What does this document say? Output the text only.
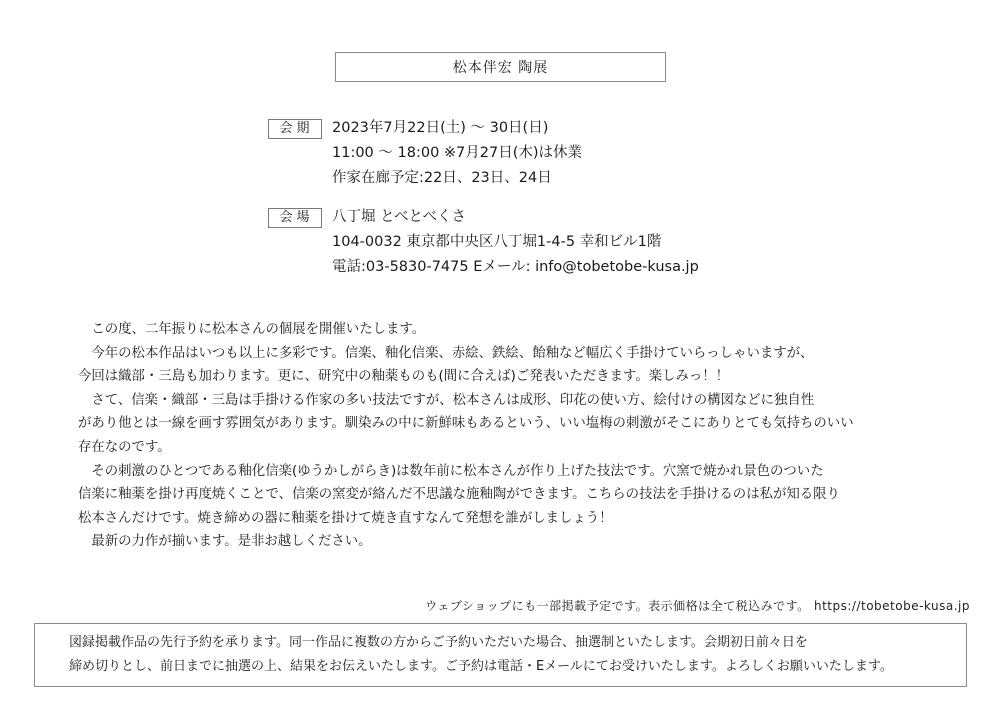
松本伴宏 陶展
会期	2023年7月22日(土) ～ 30日(日)
11:00 ～ 18:00 ※7月27日(木)は休業
作家在廊予定:22日、23日、24日
会場	八丁堀 とべとべくさ
104-0032 東京都中央区八丁堀1-4-5 幸和ビル1階
電話:03-5830-7475 Eメール: info@tobetobe-kusa.jp
　この度、二年振りに松本さんの個展を開催いたします。
　今年の松本作品はいつも以上に多彩です。信楽、釉化信楽、赤絵、鉄絵、飴釉など幅広く手掛けていらっしゃいますが、
今回は織部・三島も加わります。更に、研究中の釉薬ものも(間に合えば)ご発表いただきます。楽しみっ！！
　さて、信楽・織部・三島は手掛ける作家の多い技法ですが、松本さんは成形、印花の使い方、絵付けの構図などに独自性
があり他とは一線を画す雰囲気があります。馴染みの中に新鮮味もあるという、いい塩梅の刺激がそこにありとても気持ちのいい
存在なのです。
　その刺激のひとつである釉化信楽(ゆうかしがらき)は数年前に松本さんが作り上げた技法です。穴窯で焼かれ景色のついた
信楽に釉薬を掛け再度焼くことで、信楽の窯変が絡んだ不思議な施釉陶ができます。こちらの技法を手掛けるのは私が知る限り
松本さんだけです。焼き締めの器に釉薬を掛けて焼き直すなんて発想を誰がしましょう！
　最新の力作が揃います。是非お越しください。
ウェブショップにも一部掲載予定です。表示価格は全て税込みです。 https://tobetobe-kusa.jp
図録掲載作品の先行予約を承ります。同一作品に複数の方からご予約いただいた場合、抽選制といたします。会期初日前々日を
締め切りとし、前日までに抽選の上、結果をお伝えいたします。ご予約は電話・Eメールにてお受けいたします。よろしくお願いいたします。
